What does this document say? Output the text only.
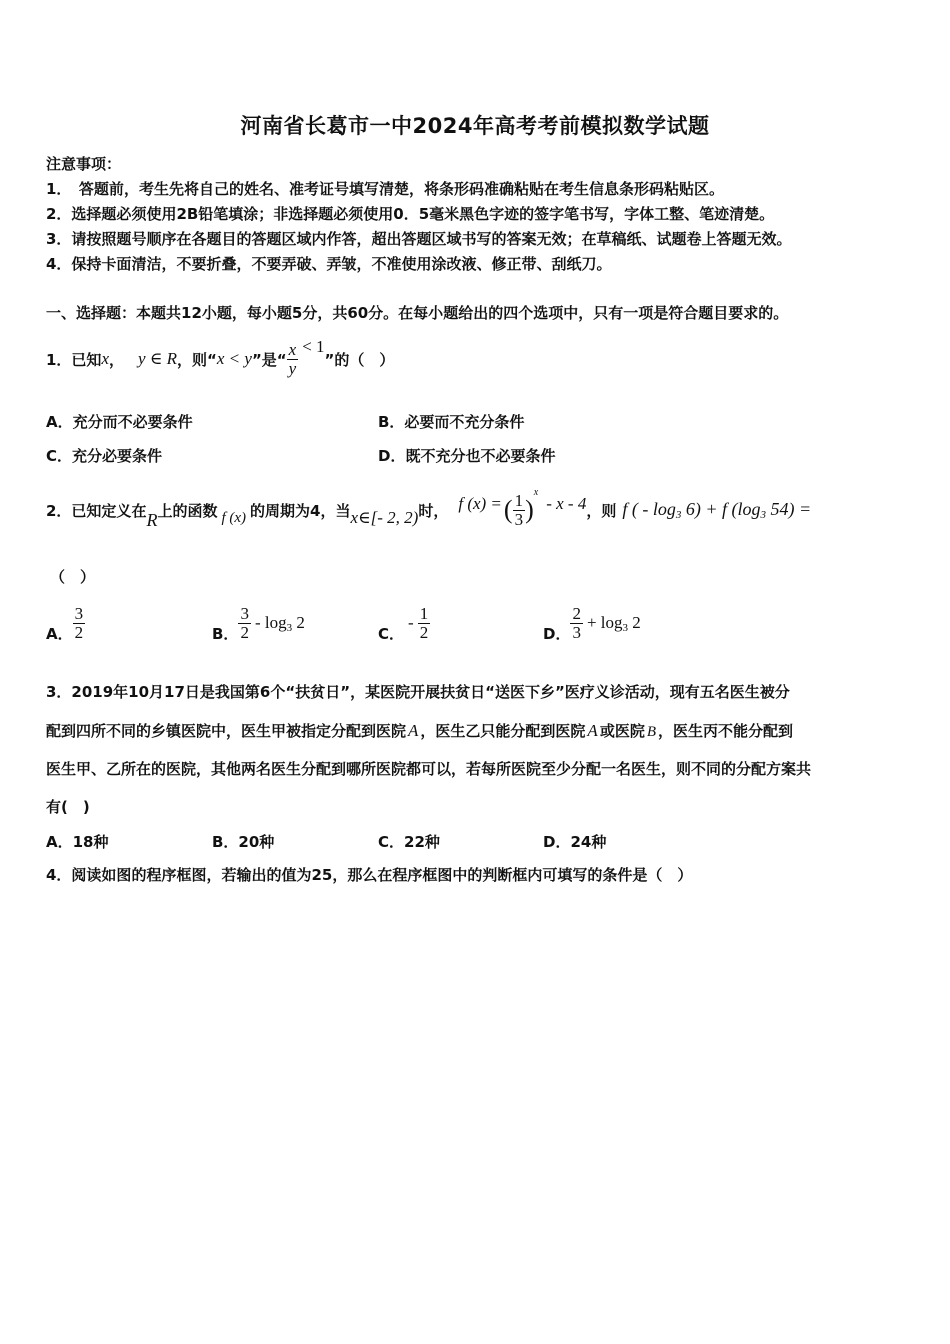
河南省长葛市一中2024年高考考前模拟数学试题
注意事项：
1．　答题前，考生先将自己的姓名、准考证号填写清楚，将条形码准确粘贴在考生信息条形码粘贴区。
2．选择题必须使用2B铅笔填涂；非选择题必须使用0．5毫米黑色字迹的签字笔书写，字体工整、笔迹清楚。
3．请按照题号顺序在各题目的答题区域内作答，超出答题区域书写的答案无效；在草稿纸、试题卷上答题无效。
4．保持卡面清洁，不要折叠，不要弄破、弄皱，不准使用涂改液、修正带、刮纸刀。
一、选择题：本题共12小题，每小题5分，共60分。在每小题给出的四个选项中，只有一项是符合题目要求的。
1．已知 x ， y ∈ R ，则“ x < y ”是“ $\frac{x}{y} < 1$
”的（　）
A．充分而不必要条件	B．必要而不充分条件
C．充分必要条件	D．既不充分也不必要条件
2．已知定义在 R 上的函数 f (x) 的周期为4，当 x∈[- 2, 2) 时， f (x) = ( $\frac{1}{3}$ )
x
- x - 4 ，则 f ( - $\log_3 6) + f$ ($\log_3$ 54) =
（　）
A． $\frac{3}{2}$	B． $\frac{3}{2} - \log_3 2$
C．
- $\frac{1}{2}$	D． $\frac{2}{3} + \log_3 2$
3．2019年10月17日是我国第6个“扶贫日”，某医院开展扶贫日“送医下乡”医疗义诊活动，现有五名医生被分
配到四所不同的乡镇医院中，医生甲被指定分配到医院 A ，医生乙只能分配到医院 A 或医院 B ，医生丙不能分配到
医生甲、乙所在的医院，其他两名医生分配到哪所医院都可以，若每所医院至少分配一名医生，则不同的分配方案共
有(　)
A．18种	B．20种	C．22种	D．24种
4．阅读如图的程序框图，若输出的值为25，那么在程序框图中的判断框内可填写的条件是（　）
